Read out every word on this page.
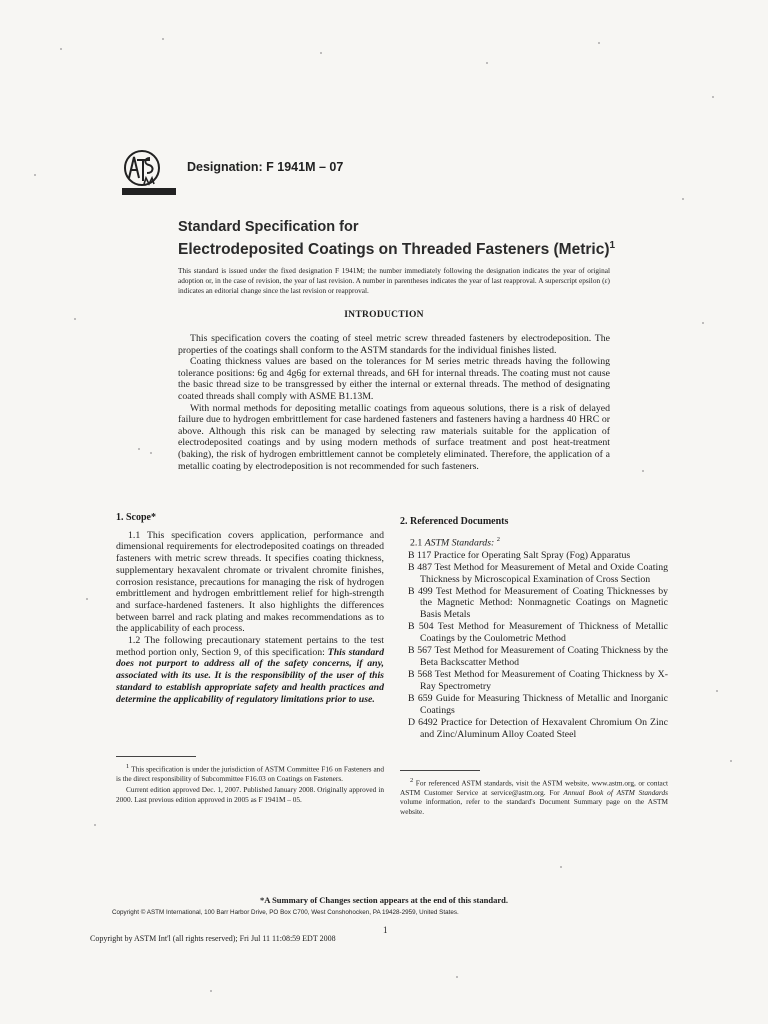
Designation: F 1941M – 07
Standard Specification for
Electrodeposited Coatings on Threaded Fasteners (Metric)$^1$
This standard is issued under the fixed designation F 1941M; the number immediately following the designation indicates the year of original adoption or, in the case of revision, the year of last revision. A number in parentheses indicates the year of last reapproval. A superscript epsilon (ε) indicates an editorial change since the last revision or reapproval.
INTRODUCTION

This specification covers the coating of steel metric screw threaded fasteners by electrodeposition. The properties of the coatings shall conform to the ASTM standards for the individual finishes listed.

Coating thickness values are based on the tolerances for M series metric threads having the following tolerance positions: 6g and 4g6g for external threads, and 6H for internal threads. The coating must not cause the basic thread size to be transgressed by either the internal or external threads. The method of designating coated threads shall comply with ASME B1.13M.

With normal methods for depositing metallic coatings from aqueous solutions, there is a risk of delayed failure due to hydrogen embrittlement for case hardened fasteners and fasteners having a hardness 40 HRC or above. Although this risk can be managed by selecting raw materials suitable for the application of electrodeposited coatings and by using modern methods of surface treatment and post heat-treatment (baking), the risk of hydrogen embrittlement cannot be completely eliminated. Therefore, the application of a metallic coating by electrodeposition is not recommended for such fasteners.

1. Scope*

1.1 This specification covers application, performance and dimensional requirements for electrodeposited coatings on threaded fasteners with metric screw threads. It specifies coating thickness, supplementary hexavalent chromate or trivalent chromite finishes, corrosion resistance, precautions for managing the risk of hydrogen embrittlement and hydrogen embrittlement relief for high-strength and surface-hardened fasteners. It also highlights the differences between barrel and rack plating and makes recommendations as to the applicability of each process.

1.2 The following precautionary statement pertains to the test method portion only, Section 9, of this specification: This standard does not purport to address all of the safety concerns, if any, associated with its use. It is the responsibility of the user of this standard to establish appropriate safety and health practices and determine the applicability of regulatory limitations prior to use.

2. Referenced Documents
2.1 ASTM Standards: $^2$
B 117 Practice for Operating Salt Spray (Fog) Apparatus
B 487 Test Method for Measurement of Metal and Oxide Coating Thickness by Microscopical Examination of Cross Section
B 499 Test Method for Measurement of Coating Thicknesses by the Magnetic Method: Nonmagnetic Coatings on Magnetic Basis Metals
B 504 Test Method for Measurement of Thickness of Metallic Coatings by the Coulometric Method
B 567 Test Method for Measurement of Coating Thickness by the Beta Backscatter Method
B 568 Test Method for Measurement of Coating Thickness by X-Ray Spectrometry
B 659 Guide for Measuring Thickness of Metallic and Inorganic Coatings
D 6492 Practice for Detection of Hexavalent Chromium On Zinc and Zinc/Aluminum Alloy Coated Steel

$^1$ This specification is under the jurisdiction of ASTM Committee F16 on Fasteners and is the direct responsibility of Subcommittee F16.03 on Coatings on Fasteners.

Current edition approved Dec. 1, 2007. Published January 2008. Originally approved in 2000. Last previous edition approved in 2005 as F 1941M – 05.

$^2$ For referenced ASTM standards, visit the ASTM website, www.astm.org, or contact ASTM Customer Service at service@astm.org. For Annual Book of ASTM Standards volume information, refer to the standard's Document Summary page on the ASTM website.

*A Summary of Changes section appears at the end of this standard.
Copyright © ASTM International, 100 Barr Harbor Drive, PO Box C700, West Conshohocken, PA 19428-2959, United States.
1
Copyright by ASTM Int'l (all rights reserved); Fri Jul 11 11:08:59 EDT 2008
